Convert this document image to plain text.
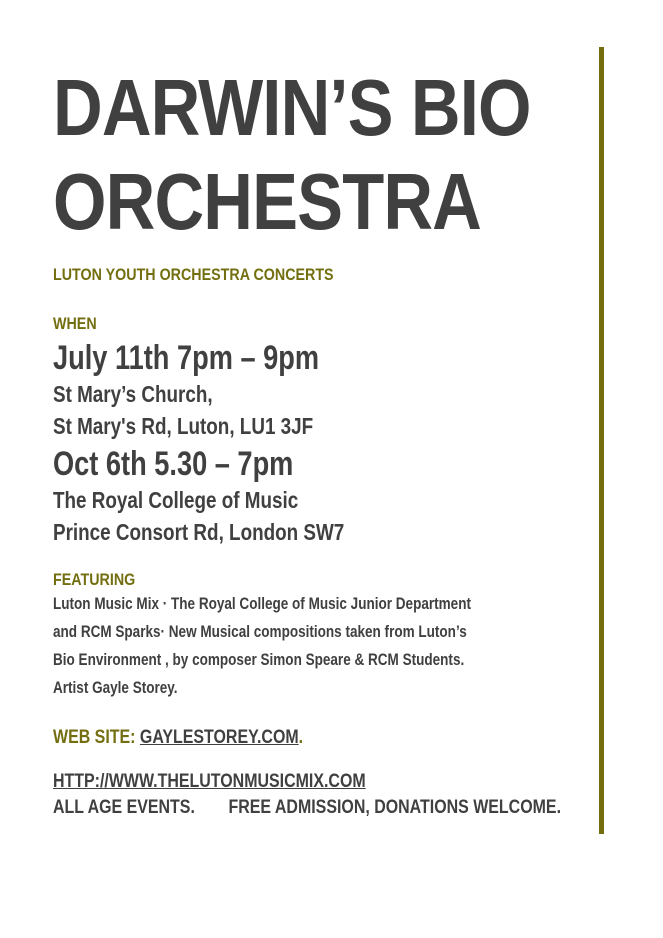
DARWIN’S BIO
ORCHESTRA
LUTON YOUTH ORCHESTRA CONCERTS
WHEN
July 11th 7pm – 9pm
St Mary’s Church,
St Mary's Rd, Luton, LU1 3JF
Oct 6th 5.30 – 7pm
The Royal College of Music
Prince Consort Rd, London SW7
FEATURING
Luton Music Mix · The Royal College of Music Junior Department
and RCM Sparks· New Musical compositions taken from Luton’s
Bio Environment , by composer Simon Speare & RCM Students.
Artist Gayle Storey.
WEB SITE: GAYLESTOREY.COM.
HTTP://WWW.THELUTONMUSICMIX.COM
ALL AGE EVENTS. FREE ADMISSION, DONATIONS WELCOME.
